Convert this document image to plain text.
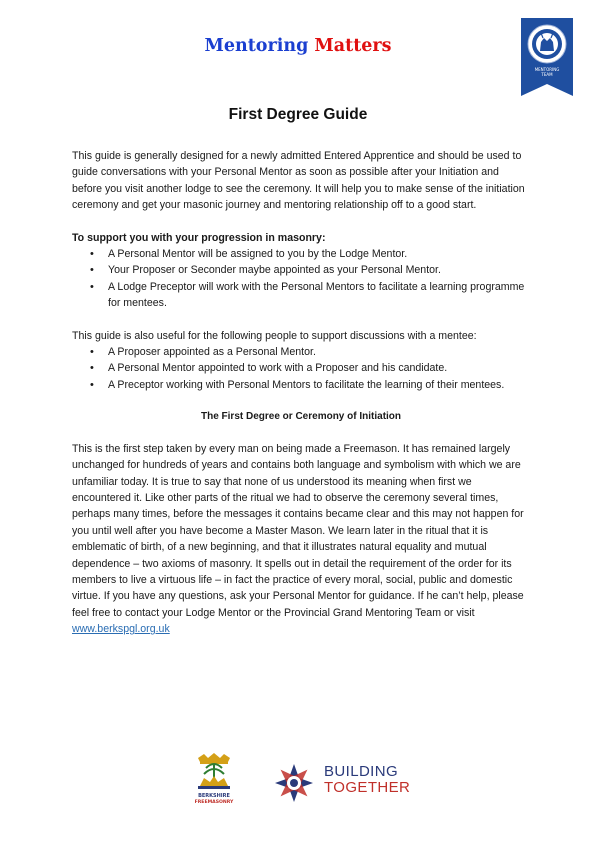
Mentoring Matters
MENTORING
TEAM
First Degree Guide

This guide is generally designed for a newly admitted Entered Apprentice and should be used to guide conversations with your Personal Mentor as soon as possible after your Initiation and before you visit another lodge to see the ceremony. It will help you to make sense of the initiation ceremony and get your masonic journey and mentoring relationship off to a good start.

To support you with your progression in masonry:

• A Personal Mentor will be assigned to you by the Lodge Mentor.
• Your Proposer or Seconder maybe appointed as your Personal Mentor.
• A Lodge Preceptor will work with the Personal Mentors to facilitate a learning programme for mentees.

This guide is also useful for the following people to support discussions with a mentee:

• A Proposer appointed as a Personal Mentor.
• A Personal Mentor appointed to work with a Proposer and his candidate.
• A Preceptor working with Personal Mentors to facilitate the learning of their mentees.

The First Degree or Ceremony of Initiation

This is the first step taken by every man on being made a Freemason. It has remained largely unchanged for hundreds of years and contains both language and symbolism with which we are unfamiliar today. It is true to say that none of us understood its meaning when first we encountered it. Like other parts of the ritual we had to observe the ceremony several times, perhaps many times, before the messages it contains became clear and this may not happen for you until well after you have become a Master Mason. We learn later in the ritual that it is emblematic of birth, of a new beginning, and that it illustrates natural equality and mutual dependence – two axioms of masonry. It spells out in detail the requirement of the order for its members to live a virtuous life – in fact the practice of every moral, social, public and domestic virtue. If you have any questions, ask your Personal Mentor for guidance. If he can’t help, please feel free to contact your Lodge Mentor or the Provincial Grand Mentoring Team or visit
www.berkspgl.org.uk

BERKSHIRE
FREEMASONRY
BUILDING
TOGETHER
